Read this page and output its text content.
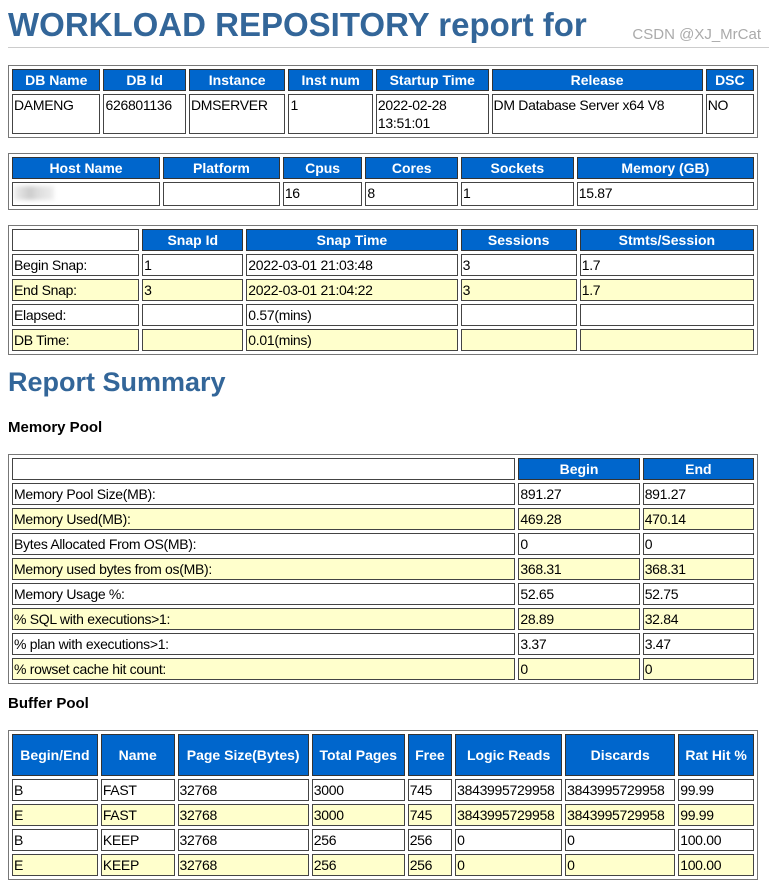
WORKLOAD REPOSITORY report for	CSDN @XJ_MrCat
DB Name	DB Id	Instance	Inst num	Startup Time	Release	DSC
DAMENG	626801136	DMSERVER	1	2022-02-28 13:51:01	DM Database Server x64 V8	NO
Host Name	Platform	Cpus	Cores	Sockets	Memory (GB)
		16	8	1	15.87
	Snap Id	Snap Time	Sessions	Stmts/Session
Begin Snap:	1	2022-03-01 21:03:48	3	1.7
End Snap:	3	2022-03-01 21:04:22	3	1.7
Elapsed:		0.57(mins)		
DB Time:		0.01(mins)		
Report Summary
Memory Pool
	Begin	End
Memory Pool Size(MB):	891.27	891.27
Memory Used(MB):	469.28	470.14
Bytes Allocated From OS(MB):	0	0
Memory used bytes from os(MB):	368.31	368.31
Memory Usage %:	52.65	52.75
% SQL with executions>1:	28.89	32.84
% plan with executions>1:	3.37	3.47
% rowset cache hit count:	0	0
Buffer Pool
Begin/End	Name	Page Size(Bytes)	Total Pages	Free	Logic Reads	Discards	Rat Hit %
B	FAST	32768	3000	745	3843995729958	3843995729958	99.99
E	FAST	32768	3000	745	3843995729958	3843995729958	99.99
B	KEEP	32768	256	256	0	0	100.00
E	KEEP	32768	256	256	0	0	100.00
